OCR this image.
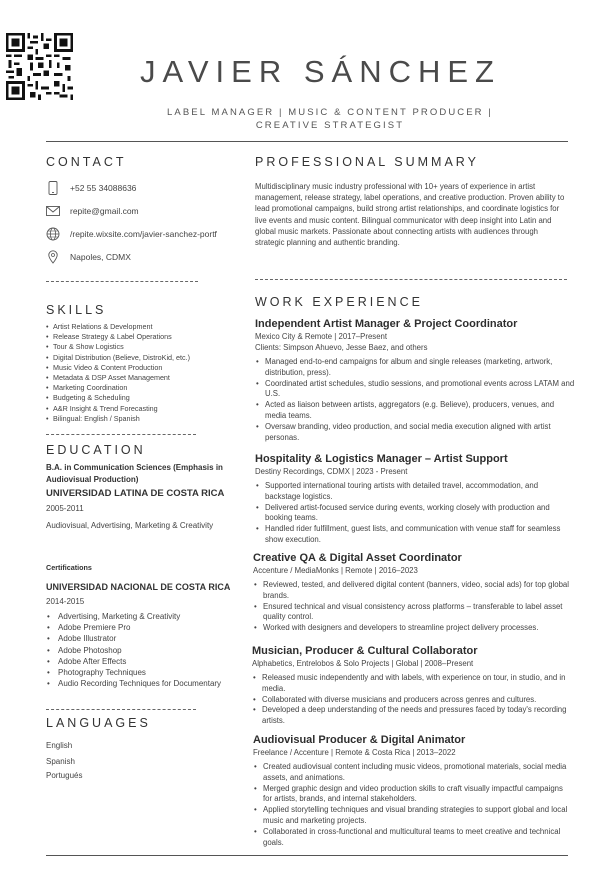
JAVIER SÁNCHEZ
LABEL MANAGER | MUSIC & CONTENT PRODUCER | CREATIVE STRATEGIST
CONTACT
+52 55 34088636
repite@gmail.com
/repite.wixsite.com/javier-sanchez-portf
Napoles, CDMX
SKILLS
• Artist Relations & Development
• Release Strategy & Label Operations
• Tour & Show Logistics
• Digital Distribution (Believe, DistroKid, etc.)
• Music Video & Content Production
• Metadata & DSP Asset Management
• Marketing Coordination
• Budgeting & Scheduling
• A&R Insight & Trend Forecasting
• Bilingual: English / Spanish
EDUCATION
B.A. in Communication Sciences (Emphasis in Audiovisual Production)
UNIVERSIDAD LATINA DE COSTA RICA
2005-2011
Audiovisual, Advertising, Marketing & Creativity
Certifications
UNIVERSIDAD NACIONAL DE COSTA RICA
2014-2015
• Advertising, Marketing & Creativity
• Adobe Premiere Pro
• Adobe Illustrator
• Adobe Photoshop
• Adobe After Effects
• Photography Techniques
• Audio Recording Techniques for Documentary
LANGUAGES
English
Spanish
Portugués
PROFESSIONAL SUMMARY
Multidisciplinary music industry professional with 10+ years of experience in artist management, release strategy, label operations, and creative production. Proven ability to lead promotional campaigns, build strong artist relationships, and coordinate logistics for live events and music content. Bilingual communicator with deep insight into Latin and global music markets. Passionate about connecting artists with audiences through strategic planning and authentic branding.
WORK EXPERIENCE
Independent Artist Manager & Project Coordinator
Mexico City & Remote | 2017–Present
Clients: Simpson Ahuevo, Jesse Baez, and others
• Managed end-to-end campaigns for album and single releases (marketing, artwork, distribution, press).
• Coordinated artist schedules, studio sessions, and promotional events across LATAM and U.S.
• Acted as liaison between artists, aggregators (e.g. Believe), producers, venues, and media teams.
• Oversaw branding, video production, and social media execution aligned with artist personas.
Hospitality & Logistics Manager – Artist Support
Destiny Recordings, CDMX | 2023 - Present
• Supported international touring artists with detailed travel, accommodation, and backstage logistics.
• Delivered artist-focused service during events, working closely with production and booking teams.
• Handled rider fulfillment, guest lists, and communication with venue staff for seamless show execution.
Creative QA & Digital Asset Coordinator
Accenture / MediaMonks | Remote | 2016–2023
• Reviewed, tested, and delivered digital content (banners, video, social ads) for top global brands.
• Ensured technical and visual consistency across platforms – transferable to label asset quality control.
• Worked with designers and developers to streamline project delivery processes.
Musician, Producer & Cultural Collaborator
Alphabetics, Entrelobos & Solo Projects | Global | 2008–Present
• Released music independently and with labels, with experience on tour, in studio, and in media.
• Collaborated with diverse musicians and producers across genres and cultures.
• Developed a deep understanding of the needs and pressures faced by today's recording artists.
Audiovisual Producer & Digital Animator
Freelance / Accenture | Remote & Costa Rica | 2013–2022
• Created audiovisual content including music videos, promotional materials, social media assets, and animations.
• Merged graphic design and video production skills to craft visually impactful campaigns for artists, brands, and internal stakeholders.
• Applied storytelling techniques and visual branding strategies to support global and local music and marketing projects.
• Collaborated in cross-functional and multicultural teams to meet creative and technical goals.
